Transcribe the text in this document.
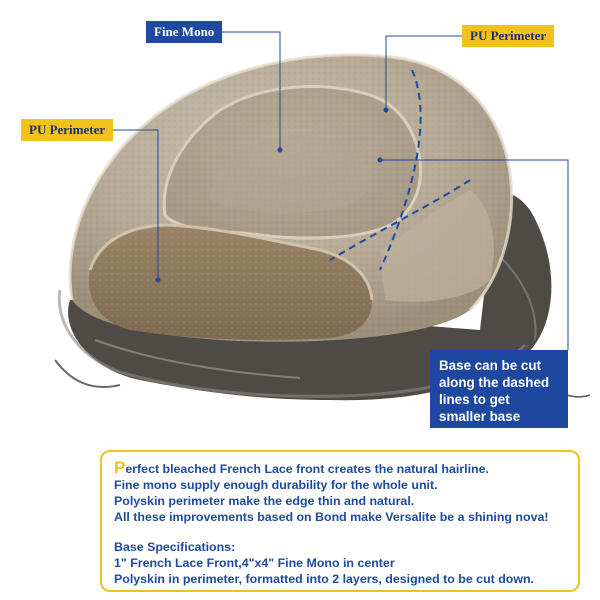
Fine Mono	PU Perimeter
PU Perimeter
Base can be cut along the dashed lines to get smaller base sizes.
Perfect bleached French Lace front creates the natural hairline.
Fine mono supply enough durability for the whole unit.
Polyskin perimeter make the edge thin and natural.
All these improvements based on Bond make Versalite be a shining nova!
Base Specifications:
1" French Lace Front,4"x4" Fine Mono in center
Polyskin in perimeter, formatted into 2 layers, designed to be cut down.
